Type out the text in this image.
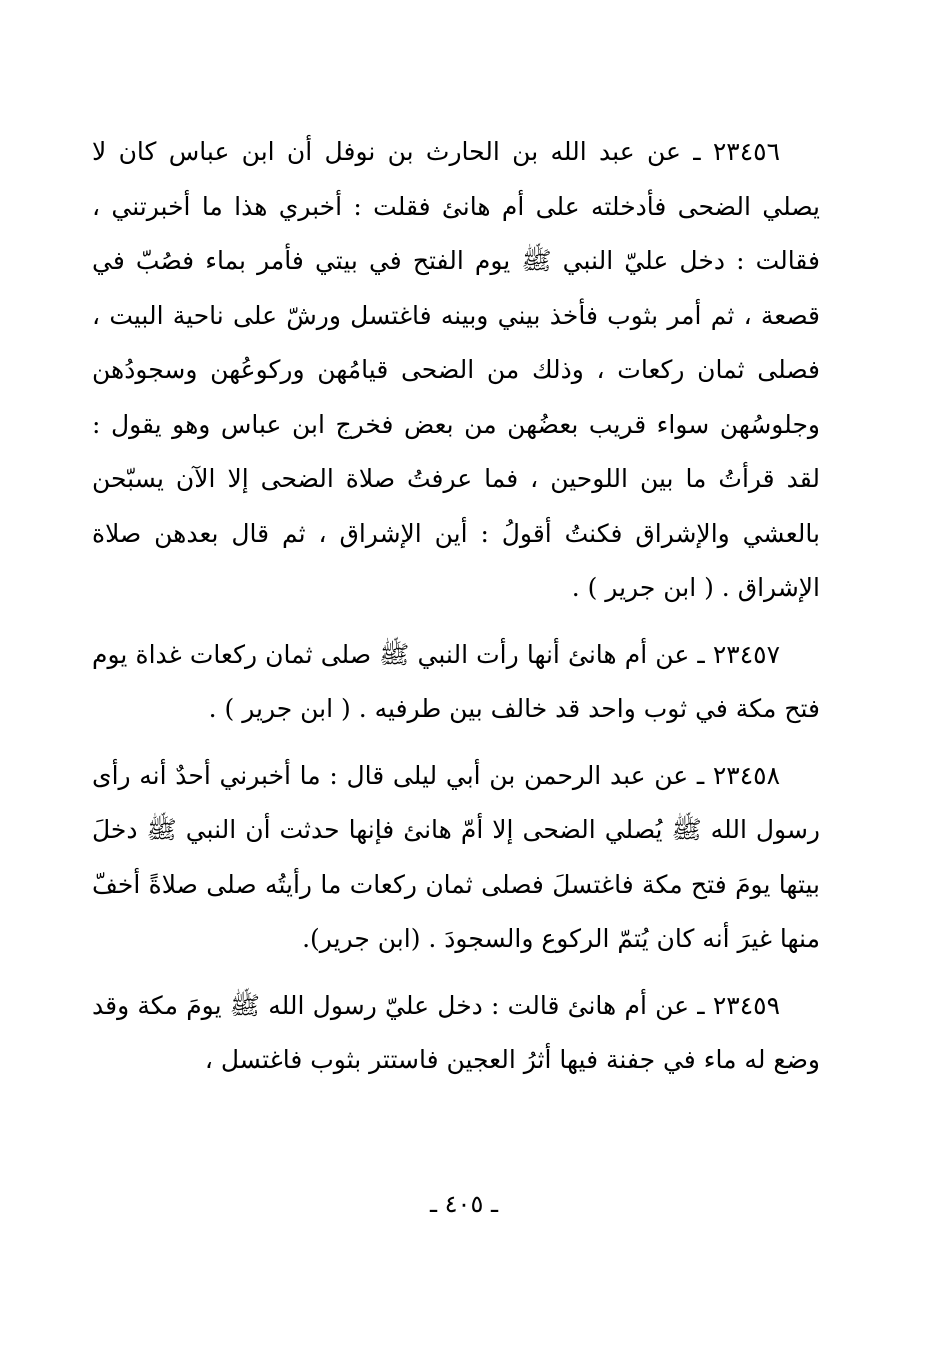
٢٣٤٥٦ ـ عن عبد الله بن الحارث بن نوفل أن ابن عباس كان لا يصلي الضحى فأدخلته على أم هانئ فقلت : أخبري هذا ما أخبرتني ، فقالت : دخل عليّ النبي ﷺ يوم الفتح في بيتي فأمر بماء فصُبّ في قصعة ، ثم أمر بثوب فأخذ بيني وبينه فاغتسل ورشّ على ناحية البيت ، فصلى ثمان ركعات ، وذلك من الضحى قيامُهن وركوعُهن وسجودُهن وجلوسُهن سواء قريب بعضُهن من بعض فخرج ابن عباس وهو يقول : لقد قرأتُ ما بين اللوحين ، فما عرفتُ صلاة الضحى إلا الآن يسبّحن بالعشي والإشراق فكنتُ أقولُ : أين الإشراق ، ثم قال بعدهن صلاة الإشراق . ( ابن جرير ) .

٢٣٤٥٧ ـ عن أم هانئ أنها رأت النبي ﷺ صلى ثمان ركعات غداة يوم فتح مكة في ثوب واحد قد خالف بين طرفيه . ( ابن جرير ) .

٢٣٤٥٨ ـ عن عبد الرحمن بن أبي ليلى قال : ما أخبرني أحدٌ أنه رأى رسول الله ﷺ يُصلي الضحى إلا أمّ هانئ فإنها حدثت أن النبي ﷺ دخلَ بيتها يومَ فتح مكة فاغتسلَ فصلى ثمان ركعات ما رأيتُه صلى صلاةً أخفّ منها غيرَ أنه كان يُتمّ الركوع والسجودَ . (ابن جرير).

٢٣٤٥٩ ـ عن أم هانئ قالت : دخل عليّ رسول الله ﷺ يومَ مكة وقد وضع له ماء في جفنة فيها أثرُ العجين فاستتر بثوب فاغتسل ،

ـ ٤٠٥ ـ
